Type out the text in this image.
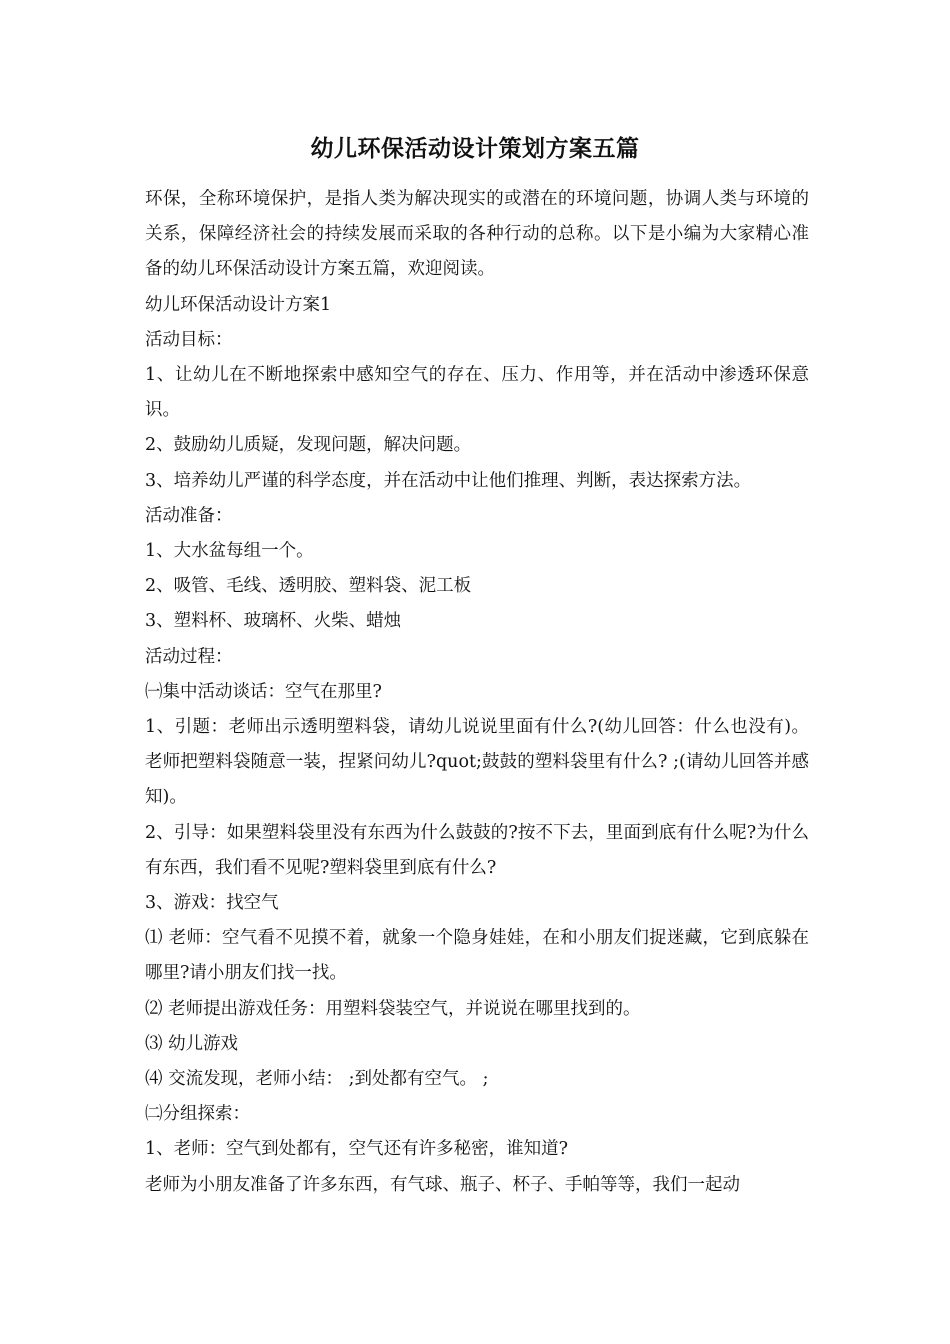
幼儿环保活动设计策划方案五篇

环保，全称环境保护，是指人类为解决现实的或潜在的环境问题，协调人类与环境的关系，保障经济社会的持续发展而采取的各种行动的总称。以下是小编为大家精心准备的幼儿环保活动设计方案五篇，欢迎阅读。

幼儿环保活动设计方案1

活动目标：

1、让幼儿在不断地探索中感知空气的存在、压力、作用等，并在活动中渗透环保意识。

2、鼓励幼儿质疑，发现问题，解决问题。

3、培养幼儿严谨的科学态度，并在活动中让他们推理、判断，表达探索方法。

活动准备：

1、大水盆每组一个。

2、吸管、毛线、透明胶、塑料袋、泥工板

3、塑料杯、玻璃杯、火柴、蜡烛

活动过程：

㈠集中活动谈话：空气在那里?

1、引题：老师出示透明塑料袋，请幼儿说说里面有什么?(幼儿回答：什么也没有)。老师把塑料袋随意一装，捏紧问幼儿?quot;鼓鼓的塑料袋里有什么? ;(请幼儿回答并感知)。

2、引导：如果塑料袋里没有东西为什么鼓鼓的?按不下去，里面到底有什么呢?为什么有东西，我们看不见呢?塑料袋里到底有什么?

3、游戏：找空气

⑴ 老师：空气看不见摸不着，就象一个隐身娃娃，在和小朋友们捉迷藏，它到底躲在哪里?请小朋友们找一找。

⑵ 老师提出游戏任务：用塑料袋装空气，并说说在哪里找到的。

⑶ 幼儿游戏

⑷ 交流发现，老师小结： ;到处都有空气。 ;

㈡分组探索：

1、老师：空气到处都有，空气还有许多秘密，谁知道?

老师为小朋友准备了许多东西，有气球、瓶子、杯子、手帕等等，我们一起动
